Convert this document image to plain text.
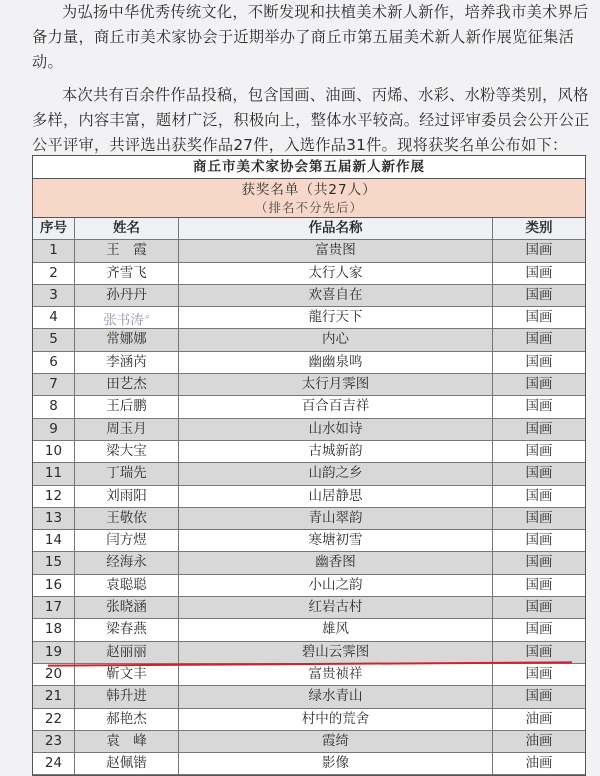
为弘扬中华优秀传统文化，不断发现和扶植美术新人新作，培养我市美术界后备力量，商丘市美术家协会于近期举办了商丘市第五届美术新人新作展览征集活动。

本次共有百余件作品投稿，包含国画、油画、丙烯、水彩、水粉等类别，风格多样，内容丰富，题材广泛，积极向上，整体水平较高。经过评审委员会公开公正公平评审，共评选出获奖作品27件，入选作品31件。现将获奖名单公布如下：

商丘市美术家协会第五届新人新作展
获奖名单（共27人）
（排名不分先后）
序号	姓名	作品名称	类别
1	王　霞	富贵图	国画
2	齐雪飞	太行人家	国画
3	孙丹丹	欢喜自在	国画
4	张书涛⌕	龍行天下	国画
5	常娜娜	内心	国画
6	李涵芮	幽幽泉鸣	国画
7	田艺杰	太行月霁图	国画
8	王后鹏	百合百吉祥	国画
9	周玉月	山水如诗	国画
10	梁大宝	古城新韵	国画
11	丁瑞先	山韵之乡	国画
12	刘雨阳	山居静思	国画
13	王敬依	青山翠韵	国画
14	闫方煜	寒塘初雪	国画
15	经海永	幽香图	国画
16	袁聪聪	小山之韵	国画
17	张晓涵	红岩古村	国画
18	梁春燕	雄风	国画
19	赵丽丽	碧山云霁图	国画
20	靳文丰	富贵祯祥	国画
21	韩升进	绿水青山	国画
22	郝艳杰	村中的荒舍	油画
23	袁　峰	霞绮	油画
24	赵佩锴	影像	油画
